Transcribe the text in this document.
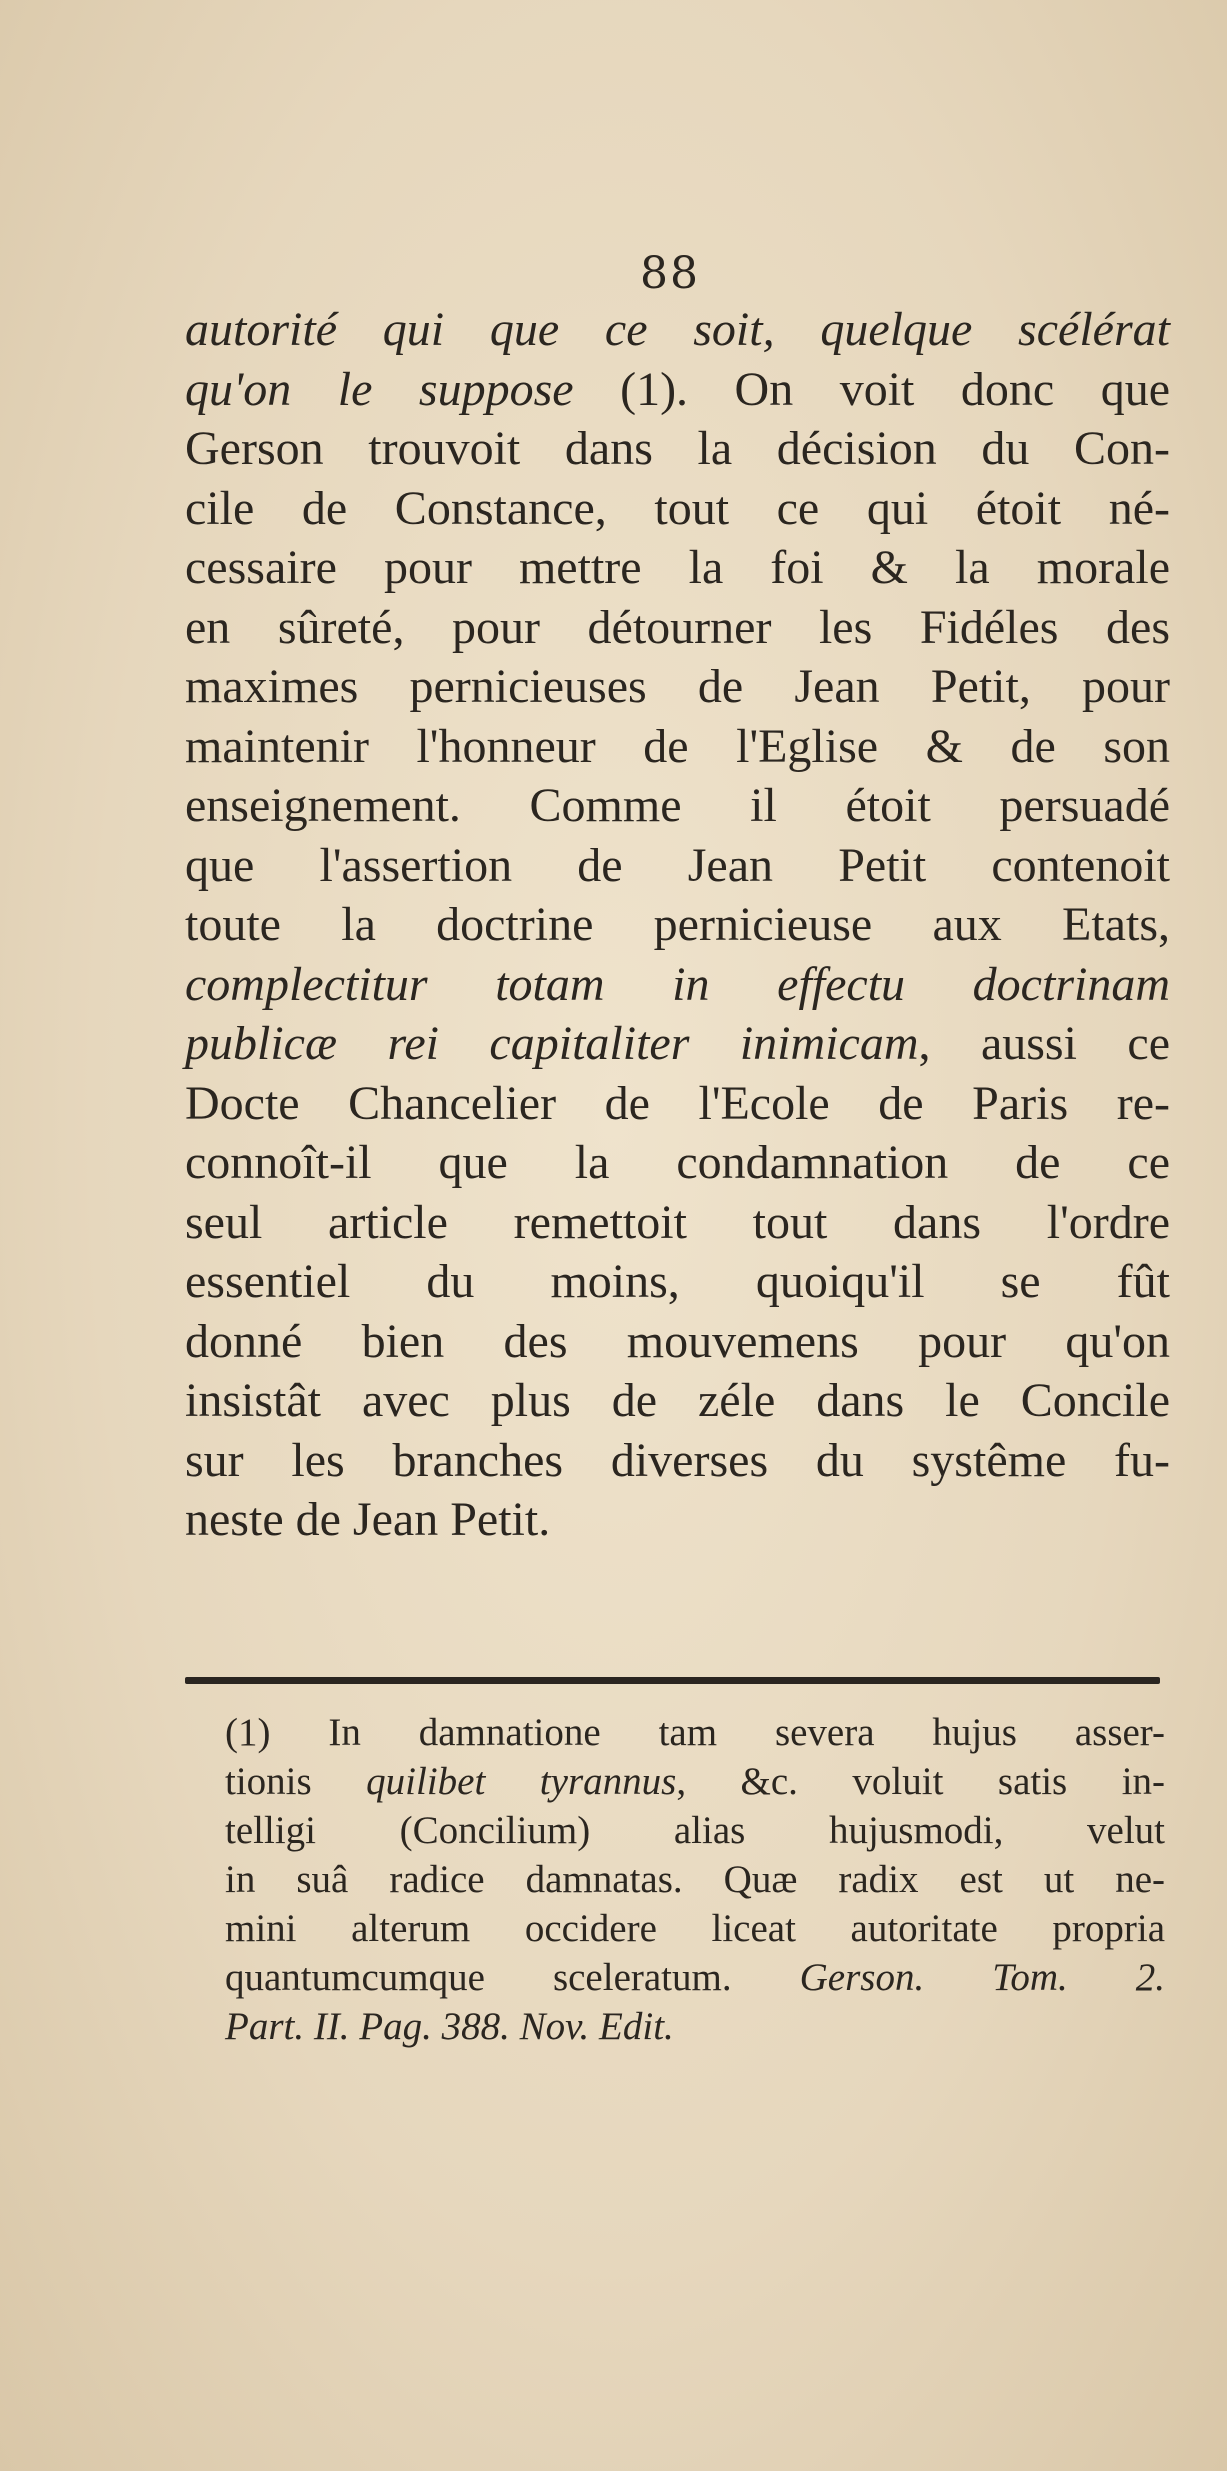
88
autorité qui que ce soit, quelque scélérat
qu'on le suppose (1). On voit donc que
Gerson trouvoit dans la décision du Con-
cile de Constance, tout ce qui étoit né-
cessaire pour mettre la foi & la morale
en sûreté, pour détourner les Fidéles des
maximes pernicieuses de Jean Petit, pour
maintenir l'honneur de l'Eglise & de son
enseignement. Comme il étoit persuadé
que l'assertion de Jean Petit contenoit
toute la doctrine pernicieuse aux Etats,
complectitur totam in effectu doctrinam
publicæ rei capitaliter inimicam, aussi ce
Docte Chancelier de l'Ecole de Paris re-
connoît-il que la condamnation de ce
seul article remettoit tout dans l'ordre
essentiel du moins, quoiqu'il se fût
donné bien des mouvemens pour qu'on
insistât avec plus de zéle dans le Concile
sur les branches diverses du systême fu-
neste de Jean Petit.
(1) In damnatione tam severa hujus asser-
tionis quilibet tyrannus, &c. voluit satis in-
telligi (Concilium) alias hujusmodi, velut
in suâ radice damnatas. Quæ radix est ut ne-
mini alterum occidere liceat autoritate propria
quantumcumque sceleratum. Gerson. Tom. 2.
Part. II. Pag. 388. Nov. Edit.
